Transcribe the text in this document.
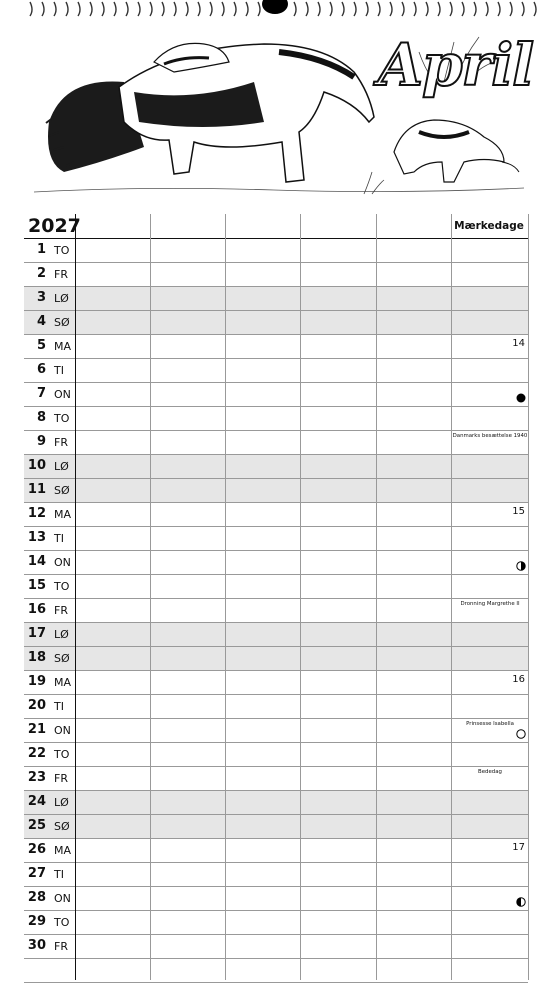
April
2027	Mærkedage
1 TO
2 FR
3 LØ
4 SØ
5 MA	14
6 TI
7 ON
8 TO
9 FR	Danmarks besættelse 1940
10 LØ
11 SØ
12 MA	15
13 TI
14 ON
15 TO
16 FR	Dronning Margrethe II
17 LØ
18 SØ
19 MA	16
20 TI
21 ON	Prinsesse Isabella
22 TO
23 FR	Bededag
24 LØ
25 SØ
26 MA	17
27 TI
28 ON
29 TO
30 FR
